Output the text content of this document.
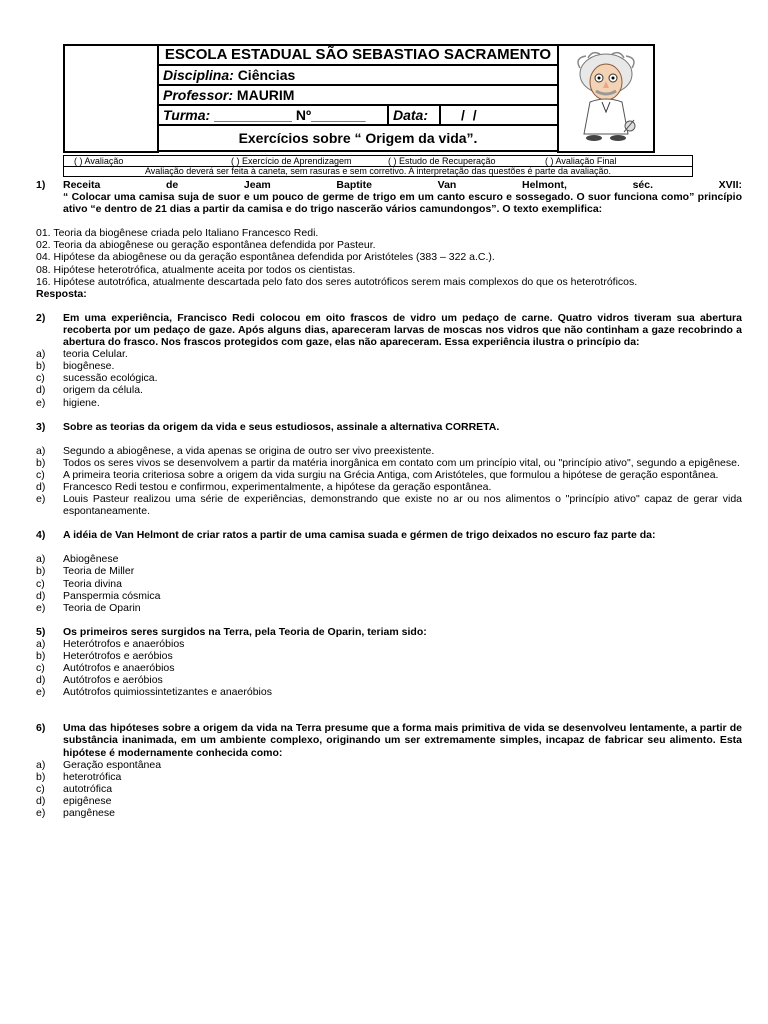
	ESCOLA ESTADUAL SÃO SEBASTIAO SACRAMENTO	
Disciplina: Ciências
Professor: MAURIM

Turma: __________ Nº_______	Data:	/ /

Exercícios sobre “ Origem da vida”.

( ) Avaliação	( ) Exercício de Aprendizagem	( ) Estudo de Recuperação	( ) Avaliação Final
Avaliação deverá ser feita à caneta, sem rasuras e sem corretivo. A interpretação das questões é parte da avaliação.
1)	Receita de Jeam Baptite Van Helmont, séc. XVII:
“ Colocar uma camisa suja de suor e um pouco de germe de trigo em um canto escuro e sossegado. O suor funciona como” princípio ativo “e dentro de 21 dias a partir da camisa e do trigo nascerão vários camundongos”. O texto exemplifica:
01. Teoria da biogênese criada pelo Italiano Francesco Redi.
02. Teoria da abiogênese ou geração espontânea defendida por Pasteur.
04. Hipótese da abiogênese ou da geração espontânea defendida por Aristóteles (383 – 322 a.C.).
08. Hipótese heterotrófica, atualmente aceita por todos os cientistas.
16. Hipótese autotrófica, atualmente descartada pelo fato dos seres autotróficos serem mais complexos do que os heterotróficos.
Resposta:
2)	Em uma experiência, Francisco Redi colocou em oito frascos de vidro um pedaço de carne. Quatro vidros tiveram sua abertura recoberta por um pedaço de gaze. Após alguns dias, apareceram larvas de moscas nos vidros que não continham a gaze recobrindo a abertura do frasco. Nos frascos protegidos com gaze, elas não apareceram. Essa experiência ilustra o princípio da:
a)	teoria Celular.
b)	biogênese.
c)	sucessão ecológica.
d)	origem da célula.
e)	higiene.
3)	Sobre as teorias da origem da vida e seus estudiosos, assinale a alternativa CORRETA.
a)	Segundo a abiogênese, a vida apenas se origina de outro ser vivo preexistente.
b)	Todos os seres vivos se desenvolvem a partir da matéria inorgânica em contato com um princípio vital, ou "princípio ativo", segundo a epigênese.
c)	A primeira teoria criteriosa sobre a origem da vida surgiu na Grécia Antiga, com Aristóteles, que formulou a hipótese de geração espontânea.
d)	Francesco Redi testou e confirmou, experimentalmente, a hipótese da geração espontânea.
e)	Louis Pasteur realizou uma série de experiências, demonstrando que existe no ar ou nos alimentos o "princípio ativo" capaz de gerar vida espontaneamente.
4)	A idéia de Van Helmont de criar ratos a partir de uma camisa suada e gérmen de trigo deixados no escuro faz parte da:
a)	Abiogênese
b)	Teoria de Miller
c)	Teoria divina
d)	Panspermia cósmica
e)	Teoria de Oparin
5)	Os primeiros seres surgidos na Terra, pela Teoria de Oparin, teriam sido:
a)	Heterótrofos e anaeróbios
b)	Heterótrofos e aeróbios
c)	Autótrofos e anaeróbios
d)	Autótrofos e aeróbios
e)	Autótrofos quimiossintetizantes e anaeróbios
6)	Uma das hipóteses sobre a origem da vida na Terra presume que a forma mais primitiva de vida se desenvolveu lentamente, a partir de substância inanimada, em um ambiente complexo, originando um ser extremamente simples, incapaz de fabricar seu alimento. Esta hipótese é modernamente conhecida como:
a)	Geração espontânea
b)	heterotrófica
c)	autotrófica
d)	epigênese
e)	pangênese
